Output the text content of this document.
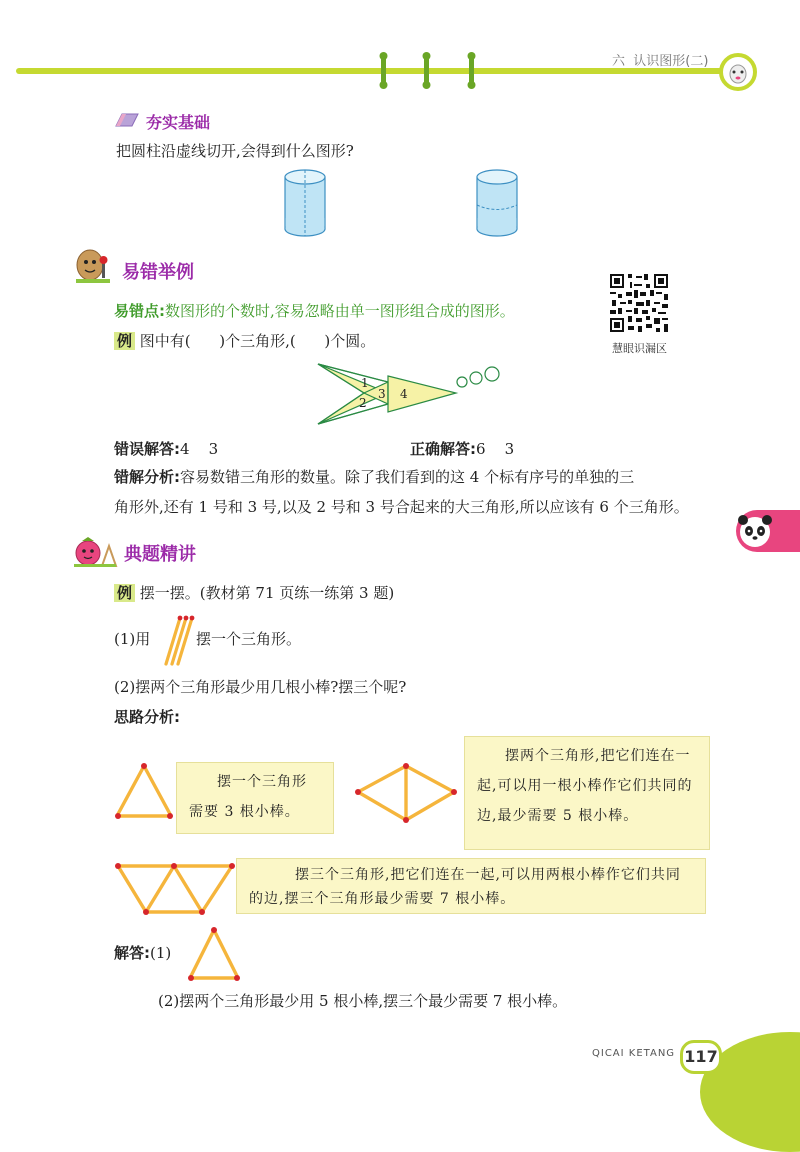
六  认识图形(二)
夯实基础
把圆柱沿虚线切开,会得到什么图形?
易错举例
易错点:数图形的个数时,容易忽略由单一图形组合成的图形。
慧眼识漏区
例 图中有(      )个三角形,(      )个圆。
1
3
2
4
错误解答:4    3	正确解答:6    3
错解分析:容易数错三角形的数量。除了我们看到的这 4 个标有序号的单独的三
角形外,还有 1 号和 3 号,以及 2 号和 3 号合起来的大三角形,所以应该有 6 个三角形。
典题精讲
例 摆一摆。(教材第 71 页练一练第 3 题)
(1)用	摆一个三角形。
(2)摆两个三角形最少用几根小棒?摆三个呢?
思路分析:
摆一个三角形需要 3 根小棒。
摆两个三角形,把它们连在一起,可以用一根小棒作它们共同的边,最少需要 5 根小棒。
摆三个三角形,把它们连在一起,可以用两根小棒作它们共同的边,摆三个三角形最少需要 7 根小棒。
解答:(1)
(2)摆两个三角形最少用 5 根小棒,摆三个最少需要 7 根小棒。
QICAI KETANG 117
